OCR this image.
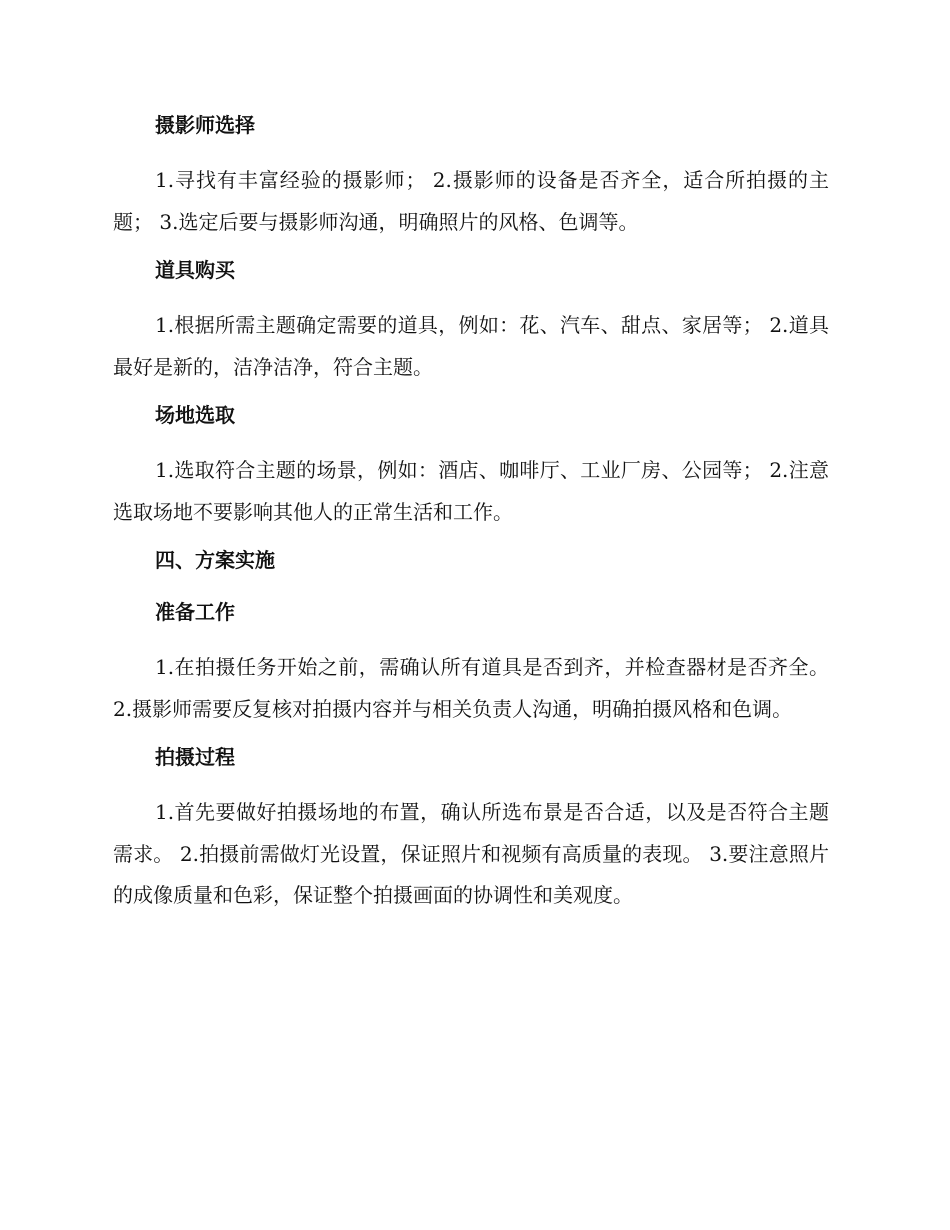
摄影师选择

1.寻找有丰富经验的摄影师； 2.摄影师的设备是否齐全，适合所拍摄的主题； 3.选定后要与摄影师沟通，明确照片的风格、色调等。

道具购买

1.根据所需主题确定需要的道具，例如：花、汽车、甜点、家居等； 2.道具最好是新的，洁净洁净，符合主题。

场地选取

1.选取符合主题的场景，例如：酒店、咖啡厅、工业厂房、公园等； 2.注意选取场地不要影响其他人的正常生活和工作。

四、方案实施
准备工作

1.在拍摄任务开始之前，需确认所有道具是否到齐，并检查器材是否齐全。 2.摄影师需要反复核对拍摄内容并与相关负责人沟通，明确拍摄风格和色调。

拍摄过程

1.首先要做好拍摄场地的布置，确认所选布景是否合适，以及是否符合主题需求。 2.拍摄前需做灯光设置，保证照片和视频有高质量的表现。 3.要注意照片的成像质量和色彩，保证整个拍摄画面的协调性和美观度。
